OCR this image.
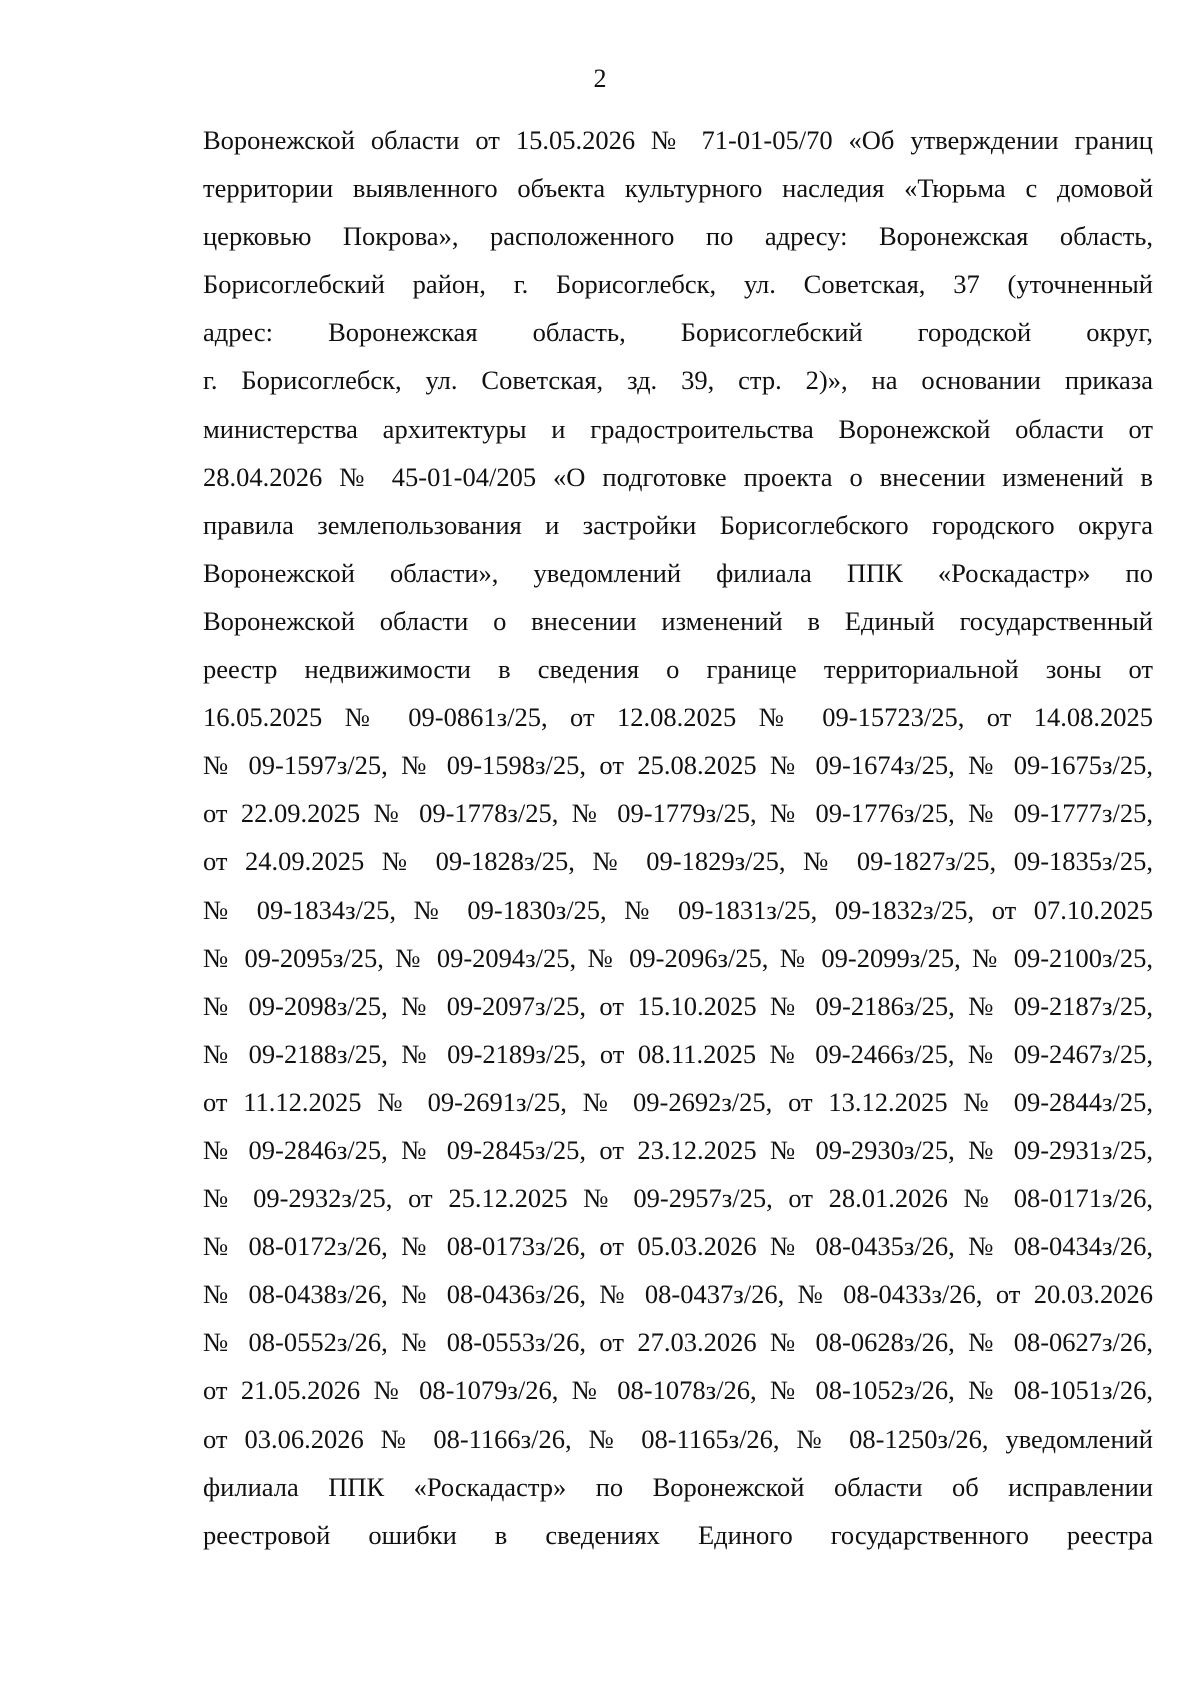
2
Воронежской области от 15.05.2026 № 71-01-05/70 «Об утверждении границ
территории выявленного объекта культурного наследия «Тюрьма с домовой
церковью Покрова», расположенного по адресу: Воронежская область,
Борисоглебский район, г. Борисоглебск, ул. Советская, 37 (уточненный
адрес: Воронежская область, Борисоглебский городской округ,
г. Борисоглебск, ул. Советская, зд. 39, стр. 2)», на основании приказа
министерства архитектуры и градостроительства Воронежской области от
28.04.2026 № 45-01-04/205 «О подготовке проекта о внесении изменений в
правила землепользования и застройки Борисоглебского городского округа
Воронежской области», уведомлений филиала ППК «Роскадастр» по
Воронежской области о внесении изменений в Единый государственный
реестр недвижимости в сведения о границе территориальной зоны от
16.05.2025 № 09-0861з/25, от 12.08.2025 № 09-15723/25, от 14.08.2025
№ 09-1597з/25, № 09-1598з/25, от 25.08.2025 № 09-1674з/25, № 09-1675з/25,
от 22.09.2025 № 09-1778з/25, № 09-1779з/25, № 09-1776з/25, № 09-1777з/25,
от 24.09.2025 № 09-1828з/25, № 09-1829з/25, № 09-1827з/25, 09-1835з/25,
№ 09-1834з/25, № 09-1830з/25, № 09-1831з/25, 09-1832з/25, от 07.10.2025
№ 09-2095з/25, № 09-2094з/25, № 09-2096з/25, № 09-2099з/25, № 09-2100з/25,
№ 09-2098з/25, № 09-2097з/25, от 15.10.2025 № 09-2186з/25, № 09-2187з/25,
№ 09-2188з/25, № 09-2189з/25, от 08.11.2025 № 09-2466з/25, № 09-2467з/25,
от 11.12.2025 № 09-2691з/25, № 09-2692з/25, от 13.12.2025 № 09-2844з/25,
№ 09-2846з/25, № 09-2845з/25, от 23.12.2025 № 09-2930з/25, № 09-2931з/25,
№ 09-2932з/25, от 25.12.2025 № 09-2957з/25, от 28.01.2026 № 08-0171з/26,
№ 08-0172з/26, № 08-0173з/26, от 05.03.2026 № 08-0435з/26, № 08-0434з/26,
№ 08-0438з/26, № 08-0436з/26, № 08-0437з/26, № 08-0433з/26, от 20.03.2026
№ 08-0552з/26, № 08-0553з/26, от 27.03.2026 № 08-0628з/26, № 08-0627з/26,
от 21.05.2026 № 08-1079з/26, № 08-1078з/26, № 08-1052з/26, № 08-1051з/26,
от 03.06.2026 № 08-1166з/26, № 08-1165з/26, № 08-1250з/26, уведомлений
филиала ППК «Роскадастр» по Воронежской области об исправлении
реестровой ошибки в сведениях Единого государственного реестра
